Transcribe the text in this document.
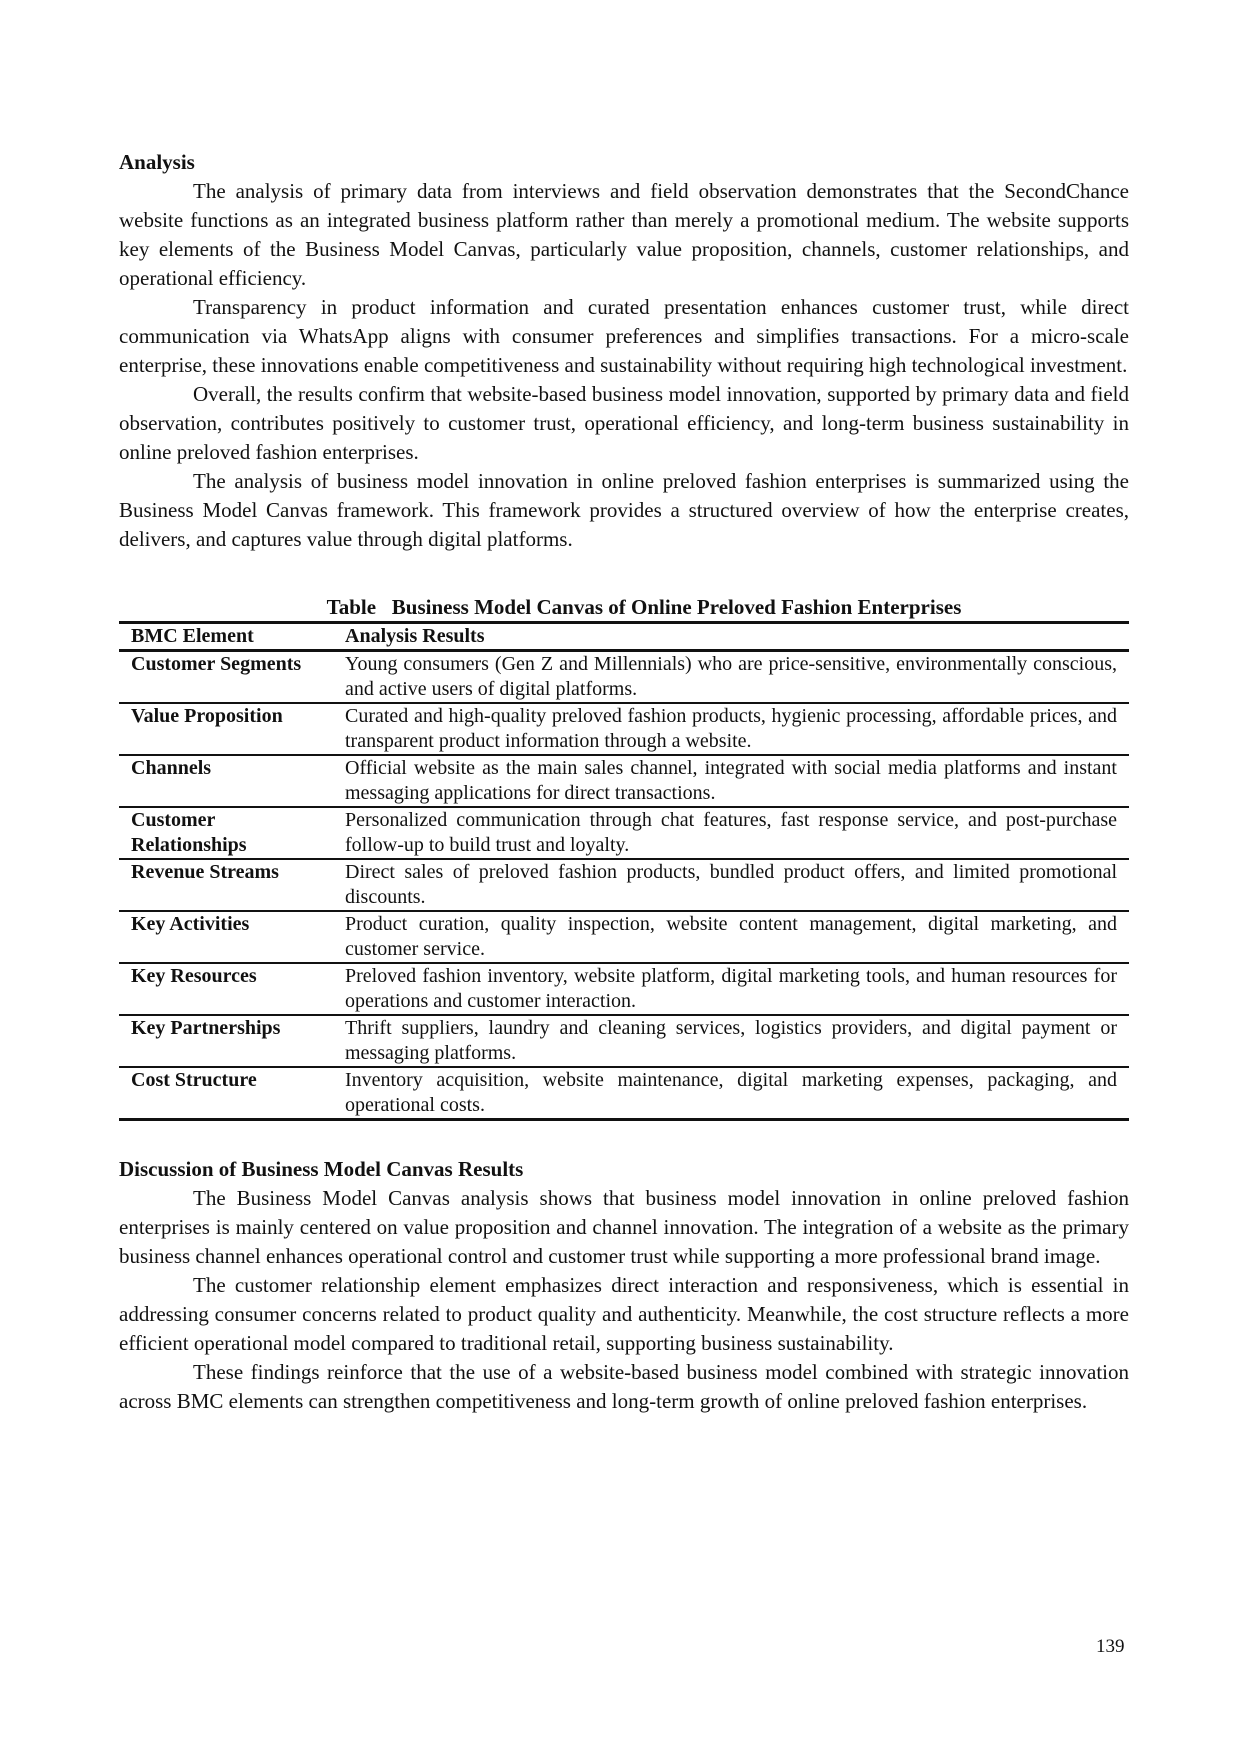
Analysis

The analysis of primary data from interviews and field observation demonstrates that the SecondChance website functions as an integrated business platform rather than merely a promotional medium. The website supports key elements of the Business Model Canvas, particularly value proposition, channels, customer relationships, and operational efficiency.

Transparency in product information and curated presentation enhances customer trust, while direct communication via WhatsApp aligns with consumer preferences and simplifies transactions. For a micro-scale enterprise, these innovations enable competitiveness and sustainability without requiring high technological investment.

Overall, the results confirm that website-based business model innovation, supported by primary data and field observation, contributes positively to customer trust, operational efficiency, and long-term business sustainability in online preloved fashion enterprises.

The analysis of business model innovation in online preloved fashion enterprises is summarized using the Business Model Canvas framework. This framework provides a structured overview of how the enterprise creates, delivers, and captures value through digital platforms.

Table   Business Model Canvas of Online Preloved Fashion Enterprises
BMC Element	Analysis Results
Customer Segments	Young consumers (Gen Z and Millennials) who are price-sensitive, environmentally conscious, and active users of digital platforms.
Value Proposition	Curated and high-quality preloved fashion products, hygienic processing, affordable prices, and transparent product information through a website.
Channels	Official website as the main sales channel, integrated with social media platforms and instant messaging applications for direct transactions.
Customer Relationships	Personalized communication through chat features, fast response service, and post-purchase follow-up to build trust and loyalty.
Revenue Streams	Direct sales of preloved fashion products, bundled product offers, and limited promotional discounts.
Key Activities	Product curation, quality inspection, website content management, digital marketing, and customer service.
Key Resources	Preloved fashion inventory, website platform, digital marketing tools, and human resources for operations and customer interaction.
Key Partnerships	Thrift suppliers, laundry and cleaning services, logistics providers, and digital payment or messaging platforms.
Cost Structure	Inventory acquisition, website maintenance, digital marketing expenses, packaging, and operational costs.
Discussion of Business Model Canvas Results

The Business Model Canvas analysis shows that business model innovation in online preloved fashion enterprises is mainly centered on value proposition and channel innovation. The integration of a website as the primary business channel enhances operational control and customer trust while supporting a more professional brand image.

The customer relationship element emphasizes direct interaction and responsiveness, which is essential in addressing consumer concerns related to product quality and authenticity. Meanwhile, the cost structure reflects a more efficient operational model compared to traditional retail, supporting business sustainability.

These findings reinforce that the use of a website-based business model combined with strategic innovation across BMC elements can strengthen competitiveness and long-term growth of online preloved fashion enterprises.

139
